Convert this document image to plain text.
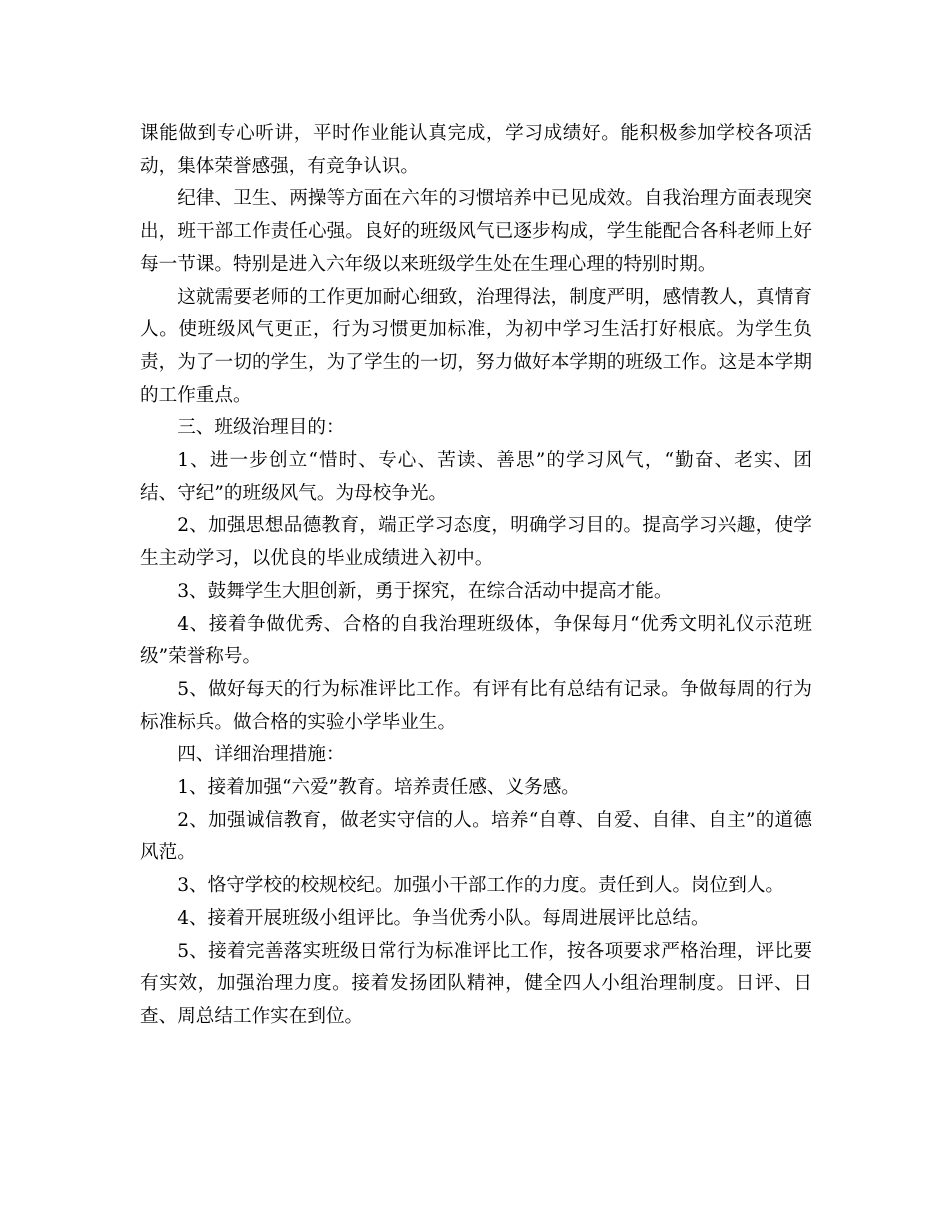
课能做到专心听讲，平时作业能认真完成，学习成绩好。能积极参加学校各项活动，集体荣誉感强，有竞争认识。

纪律、卫生、两操等方面在六年的习惯培养中已见成效。自我治理方面表现突出，班干部工作责任心强。良好的班级风气已逐步构成，学生能配合各科老师上好每一节课。特别是进入六年级以来班级学生处在生理心理的特别时期。

这就需要老师的工作更加耐心细致，治理得法，制度严明，感情教人，真情育人。使班级风气更正，行为习惯更加标准，为初中学习生活打好根底。为学生负责，为了一切的学生，为了学生的一切，努力做好本学期的班级工作。这是本学期的工作重点。

三、班级治理目的：

1、进一步创立“惜时、专心、苦读、善思”的学习风气，“勤奋、老实、团结、守纪”的班级风气。为母校争光。

2、加强思想品德教育，端正学习态度，明确学习目的。提高学习兴趣，使学生主动学习，以优良的毕业成绩进入初中。

3、鼓舞学生大胆创新，勇于探究，在综合活动中提高才能。

4、接着争做优秀、合格的自我治理班级体，争保每月“优秀文明礼仪示范班级”荣誉称号。

5、做好每天的行为标准评比工作。有评有比有总结有记录。争做每周的行为标准标兵。做合格的实验小学毕业生。

四、详细治理措施：

1、接着加强“六爱”教育。培养责任感、义务感。

2、加强诚信教育，做老实守信的人。培养“自尊、自爱、自律、自主”的道德风范。

3、恪守学校的校规校纪。加强小干部工作的力度。责任到人。岗位到人。

4、接着开展班级小组评比。争当优秀小队。每周进展评比总结。

5、接着完善落实班级日常行为标准评比工作，按各项要求严格治理，评比要有实效，加强治理力度。接着发扬团队精神，健全四人小组治理制度。日评、日查、周总结工作实在到位。
